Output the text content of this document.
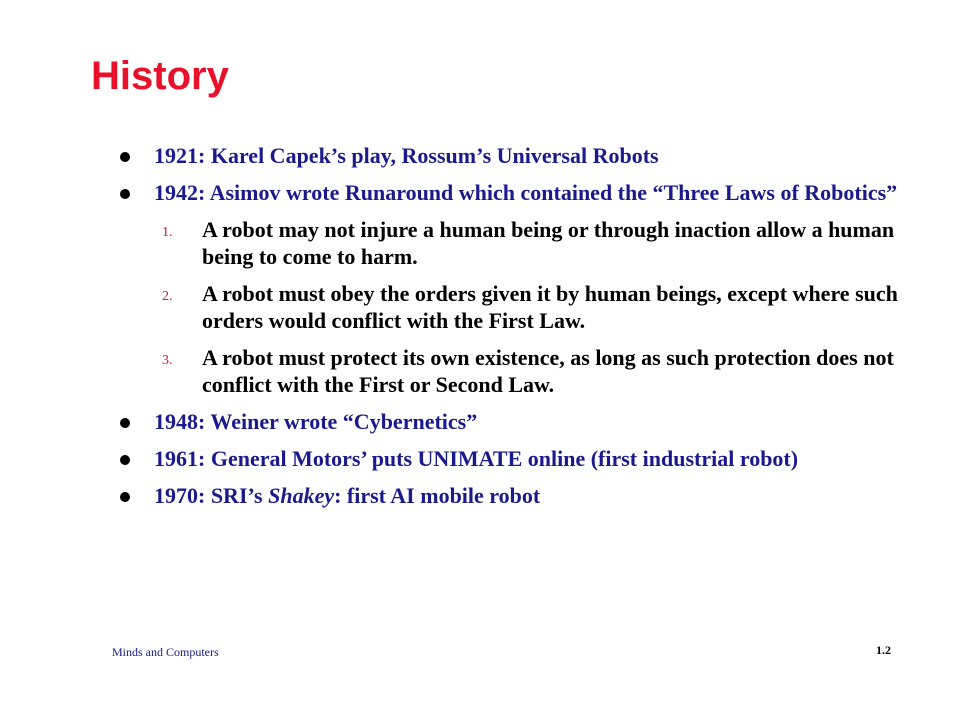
History
1921: Karel Capek’s play, Rossum’s Universal Robots
1942: Asimov wrote Runaround which contained the “Three Laws of Robotics”
1. A robot may not injure a human being or through inaction allow a human being to come to harm.
2. A robot must obey the orders given it by human beings, except where such orders would conflict with the First Law.
3. A robot must protect its own existence, as long as such protection does not conflict with the First or Second Law.
1948: Weiner wrote “Cybernetics”
1961: General Motors’ puts UNIMATE online (first industrial robot)
1970: SRI’s Shakey: first AI mobile robot
Minds and Computers	1.2
